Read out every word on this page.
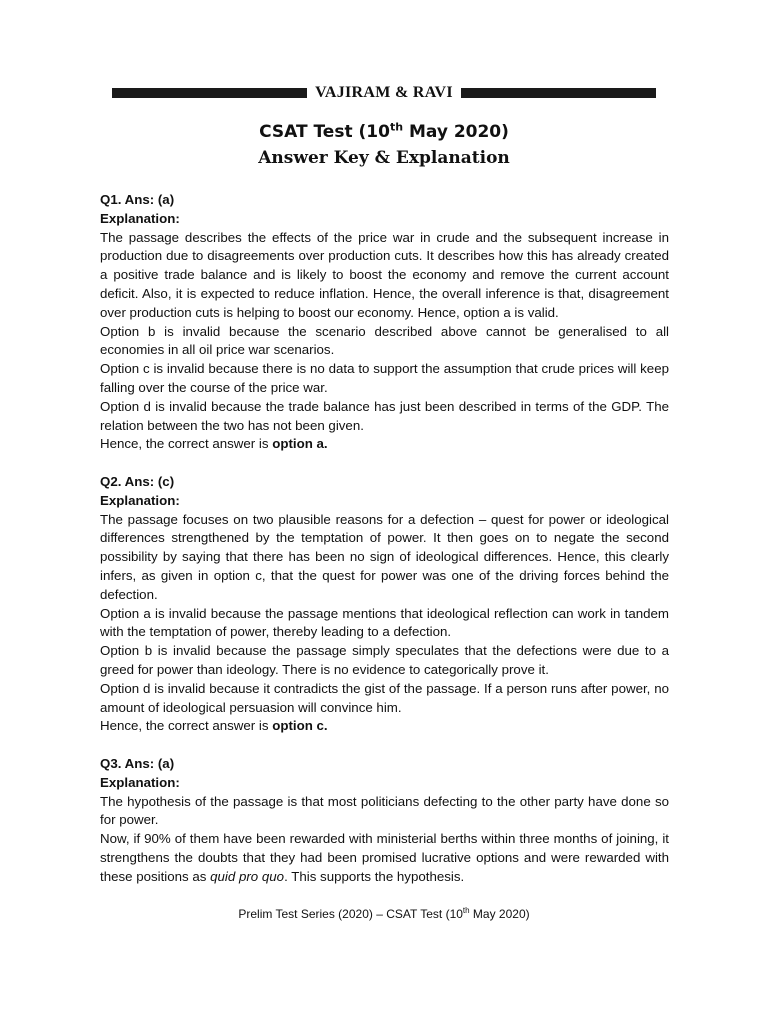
VAJIRAM & RAVI
CSAT Test (10th May 2020)
Answer Key & Explanation

Q1. Ans: (a)

Explanation:

The passage describes the effects of the price war in crude and the subsequent increase in production due to disagreements over production cuts. It describes how this has already created a positive trade balance and is likely to boost the economy and remove the current account deficit. Also, it is expected to reduce inflation. Hence, the overall inference is that, disagreement over production cuts is helping to boost our economy. Hence, option a is valid.

Option b is invalid because the scenario described above cannot be generalised to all economies in all oil price war scenarios.

Option c is invalid because there is no data to support the assumption that crude prices will keep falling over the course of the price war.

Option d is invalid because the trade balance has just been described in terms of the GDP. The relation between the two has not been given.

Hence, the correct answer is option a.

Q2. Ans: (c)

Explanation:

The passage focuses on two plausible reasons for a defection – quest for power or ideological differences strengthened by the temptation of power. It then goes on to negate the second possibility by saying that there has been no sign of ideological differences. Hence, this clearly infers, as given in option c, that the quest for power was one of the driving forces behind the defection.

Option a is invalid because the passage mentions that ideological reflection can work in tandem with the temptation of power, thereby leading to a defection.

Option b is invalid because the passage simply speculates that the defections were due to a greed for power than ideology. There is no evidence to categorically prove it.

Option d is invalid because it contradicts the gist of the passage. If a person runs after power, no amount of ideological persuasion will convince him.

Hence, the correct answer is option c.

Q3. Ans: (a)

Explanation:

The hypothesis of the passage is that most politicians defecting to the other party have done so for power.

Now, if 90% of them have been rewarded with ministerial berths within three months of joining, it strengthens the doubts that they had been promised lucrative options and were rewarded with these positions as quid pro quo. This supports the hypothesis.

Prelim Test Series (2020) – CSAT Test (10th May 2020)
